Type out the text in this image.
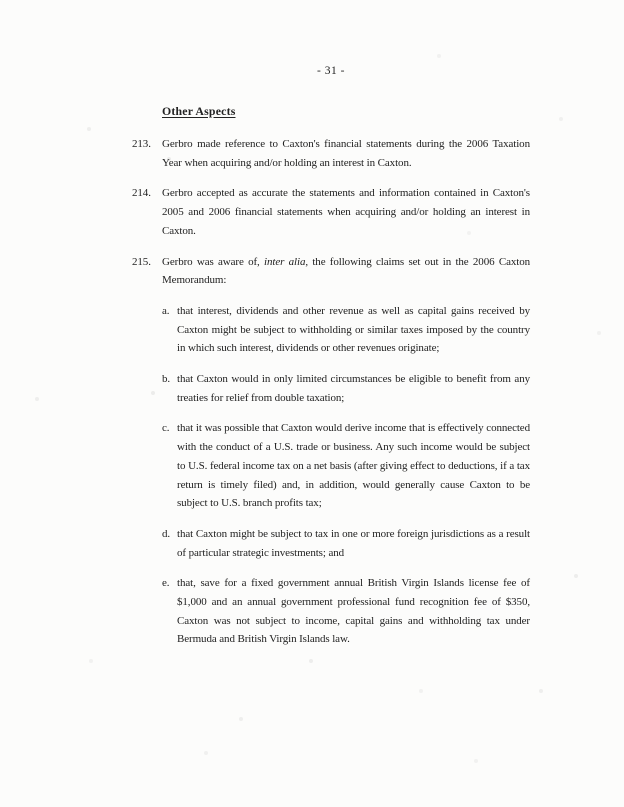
- 31 -
Other Aspects
213.	Gerbro made reference to Caxton's financial statements during the 2006 Taxation Year when acquiring and/or holding an interest in Caxton.
214.	Gerbro accepted as accurate the statements and information contained in Caxton's 2005 and 2006 financial statements when acquiring and/or holding an interest in Caxton.
215.	Gerbro was aware of, inter alia, the following claims set out in the 2006 Caxton Memorandum:
a. that interest, dividends and other revenue as well as capital gains received by Caxton might be subject to withholding or similar taxes imposed by the country in which such interest, dividends or other revenues originate;
b. that Caxton would in only limited circumstances be eligible to benefit from any treaties for relief from double taxation;
c. that it was possible that Caxton would derive income that is effectively connected with the conduct of a U.S. trade or business. Any such income would be subject to U.S. federal income tax on a net basis (after giving effect to deductions, if a tax return is timely filed) and, in addition, would generally cause Caxton to be subject to U.S. branch profits tax;
d. that Caxton might be subject to tax in one or more foreign jurisdictions as a result of particular strategic investments; and
e. that, save for a fixed government annual British Virgin Islands license fee of $1,000 and an annual government professional fund recognition fee of $350, Caxton was not subject to income, capital gains and withholding tax under Bermuda and British Virgin Islands law.
